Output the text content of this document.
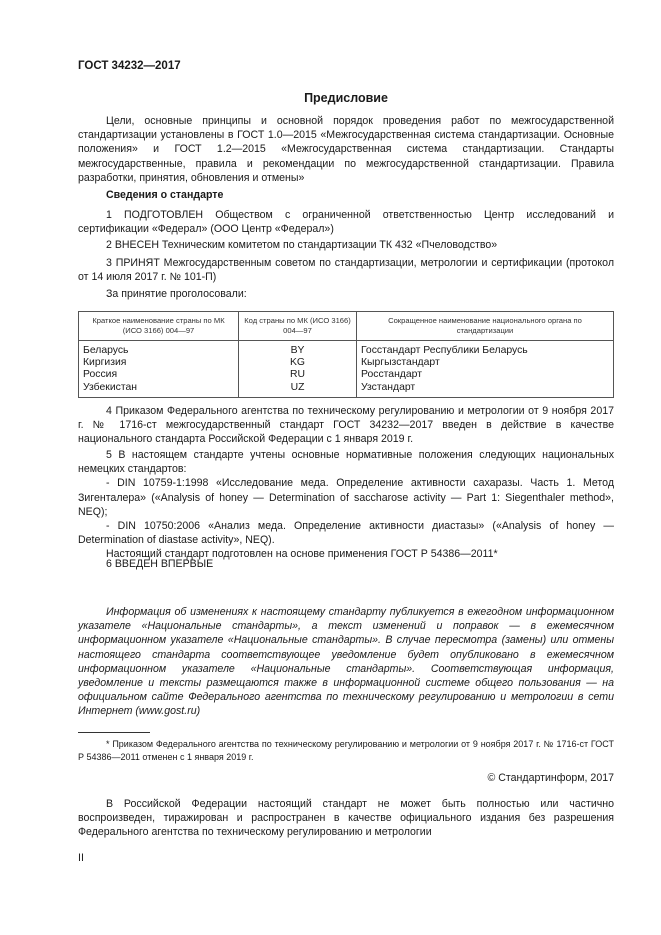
ГОСТ 34232—2017
Предисловие
Цели, основные принципы и основной порядок проведения работ по межгосударственной стандартизации установлены в ГОСТ 1.0—2015 «Межгосударственная система стандартизации. Основные положения» и ГОСТ 1.2—2015 «Межгосударственная система стандартизации. Стандарты межгосударственные, правила и рекомендации по межгосударственной стандартизации. Правила разработки, принятия, обновления и отмены»
Сведения о стандарте
1 ПОДГОТОВЛЕН Обществом с ограниченной ответственностью Центр исследований и сертификации «Федерал» (ООО Центр «Федерал»)
2 ВНЕСЕН Техническим комитетом по стандартизации ТК 432 «Пчеловодство»
3 ПРИНЯТ Межгосударственным советом по стандартизации, метрологии и сертификации (протокол от 14 июля 2017 г. № 101-П)
За принятие проголосовали:
Краткое наименование страны по МК (ИСО 3166) 004—97	Код страны по МК (ИСО 3166) 004—97	Сокращенное наименование национального органа по стандартизации
Беларусь	BY	Госстандарт Республики Беларусь
Киргизия	KG	Кыргызстандарт
Россия	RU	Росстандарт
Узбекистан	UZ	Узстандарт
4 Приказом Федерального агентства по техническому регулированию и метрологии от 9 ноября 2017 г. № 1716-ст межгосударственный стандарт ГОСТ 34232—2017 введен в действие в качестве национального стандарта Российской Федерации с 1 января 2019 г.

5 В настоящем стандарте учтены основные нормативные положения следующих национальных немецких стандартов:

- DIN 10759-1:1998 «Исследование меда. Определение активности сахаразы. Часть 1. Метод Зигенталера» («Analysis of honey — Determination of saccharose activity — Part 1: Siegenthaler method», NEQ);

- DIN 10750:2006 «Анализ меда. Определение активности диастазы» («Analysis of honey — Determination of diastase activity», NEQ).

Настоящий стандарт подготовлен на основе применения ГОСТ Р 54386—2011*

6 ВВЕДЕН ВПЕРВЫЕ
Информация об изменениях к настоящему стандарту публикуется в ежегодном информационном указателе «Национальные стандарты», а текст изменений и поправок — в ежемесячном информационном указателе «Национальные стандарты». В случае пересмотра (замены) или отмены настоящего стандарта соответствующее уведомление будет опубликовано в ежемесячном информационном указателе «Национальные стандарты». Соответствующая информация, уведомление и тексты размещаются также в информационной системе общего пользования — на официальном сайте Федерального агентства по техническому регулированию и метрологии в сети Интернет (www.gost.ru)
* Приказом Федерального агентства по техническому регулированию и метрологии от 9 ноября 2017 г. № 1716-ст ГОСТ Р 54386—2011 отменен с 1 января 2019 г.
© Стандартинформ, 2017
В Российской Федерации настоящий стандарт не может быть полностью или частично воспроизведен, тиражирован и распространен в качестве официального издания без разрешения Федерального агентства по техническому регулированию и метрологии
II
